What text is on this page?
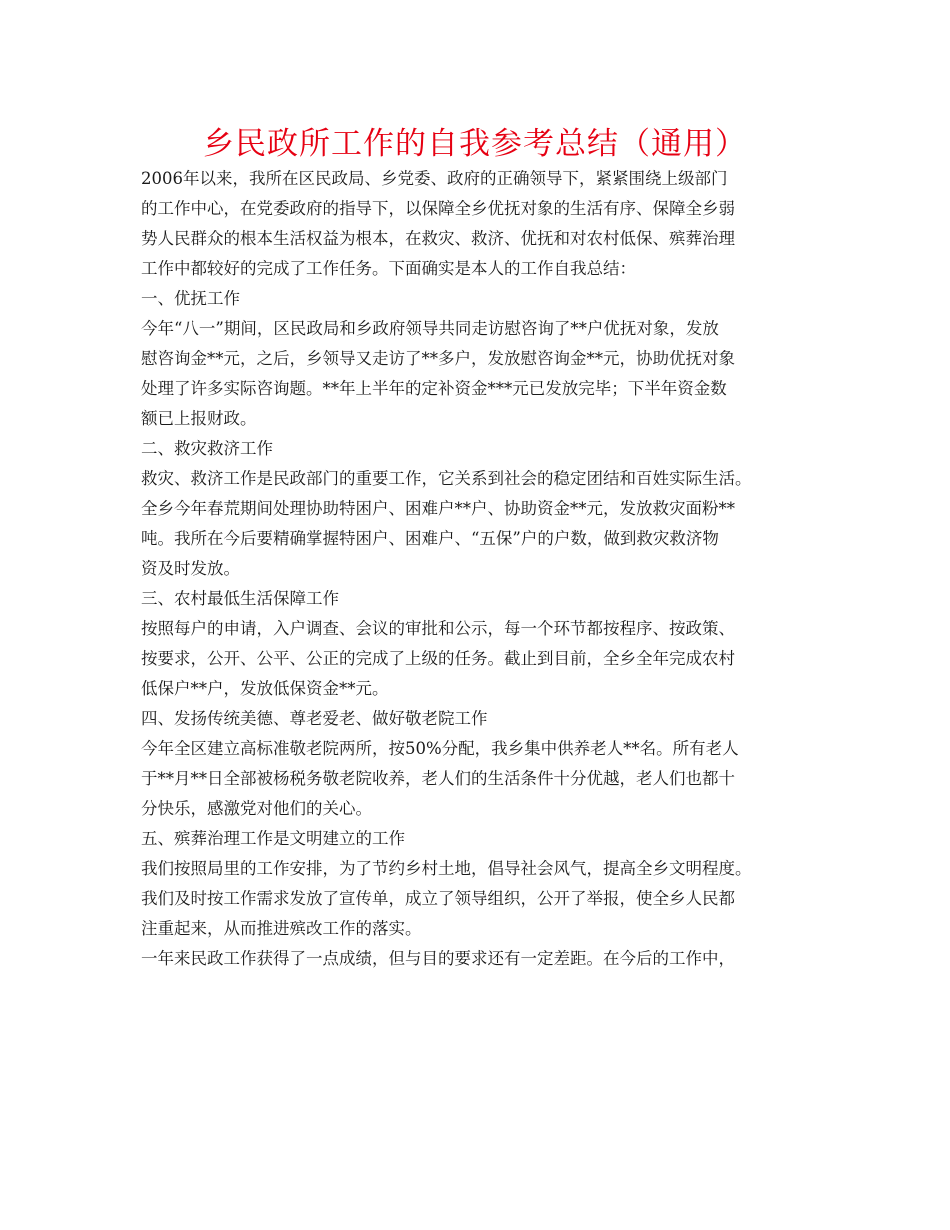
乡民政所工作的自我参考总结（通用）
2006年以来，我所在区民政局、乡党委、政府的正确领导下，紧紧围绕上级部门
的工作中心，在党委政府的指导下，以保障全乡优抚对象的生活有序、保障全乡弱
势人民群众的根本生活权益为根本，在救灾、救济、优抚和对农村低保、殡葬治理
工作中都较好的完成了工作任务。下面确实是本人的工作自我总结：
一、优抚工作
今年“八一”期间，区民政局和乡政府领导共同走访慰咨询了**户优抚对象，发放
慰咨询金**元，之后，乡领导又走访了**多户，发放慰咨询金**元，协助优抚对象
处理了许多实际咨询题。**年上半年的定补资金***元已发放完毕；下半年资金数
额已上报财政。
二、救灾救济工作
救灾、救济工作是民政部门的重要工作，它关系到社会的稳定团结和百姓实际生活。
全乡今年春荒期间处理协助特困户、困难户**户、协助资金**元，发放救灾面粉**
吨。我所在今后要精确掌握特困户、困难户、“五保”户的户数，做到救灾救济物
资及时发放。
三、农村最低生活保障工作
按照每户的申请，入户调查、会议的审批和公示，每一个环节都按程序、按政策、
按要求，公开、公平、公正的完成了上级的任务。截止到目前，全乡全年完成农村
低保户**户，发放低保资金**元。
四、发扬传统美德、尊老爱老、做好敬老院工作
今年全区建立高标准敬老院两所，按50%分配，我乡集中供养老人**名。所有老人
于**月**日全部被杨税务敬老院收养，老人们的生活条件十分优越，老人们也都十
分快乐，感激党对他们的关心。
五、殡葬治理工作是文明建立的工作
我们按照局里的工作安排，为了节约乡村土地，倡导社会风气，提高全乡文明程度。
我们及时按工作需求发放了宣传单，成立了领导组织，公开了举报，使全乡人民都
注重起来，从而推进殡改工作的落实。
一年来民政工作获得了一点成绩，但与目的要求还有一定差距。在今后的工作中，
